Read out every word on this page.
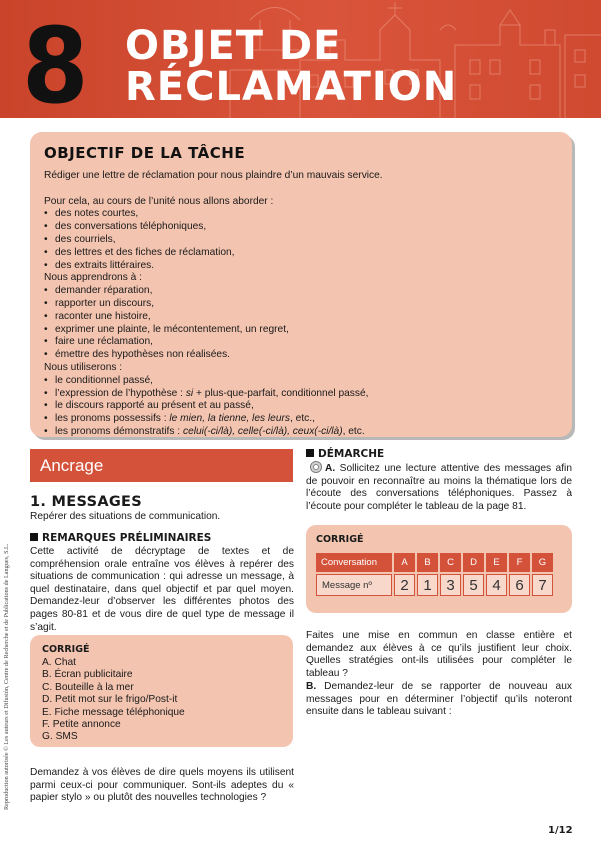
8 OBJET DE
RÉCLAMATION
OBJECTIF DE LA TÂCHE

Rédiger une lettre de réclamation pour nous plaindre d’un mauvais service.

Pour cela, au cours de l’unité nous allons aborder :

• des notes courtes,
• des conversations téléphoniques,
• des courriels,
• des lettres et des fiches de réclamation,
• des extraits littéraires.

Nous apprendrons à :

• demander réparation,
• rapporter un discours,
• raconter une histoire,
• exprimer une plainte, le mécontentement, un regret,
• faire une réclamation,
• émettre des hypothèses non réalisées.

Nous utiliserons :

• le conditionnel passé,
• l’expression de l’hypothèse : si + plus-que-parfait, conditionnel passé,
• le discours rapporté au présent et au passé,
• les pronoms possessifs : le mien, la tienne, les leurs, etc.,
• les pronoms démonstratifs : celui(-ci/là), celle(-ci/là), ceux(-ci/là), etc.
Ancrage
1. MESSAGES
Repérer des situations de communication.
REMARQUES PRÉLIMINAIRES

Cette activité de décryptage de textes et de compréhension orale entraîne vos élèves à repérer des situations de communication : qui adresse un message, à quel destinataire, dans quel objectif et par quel moyen. Demandez-leur d’observer les différentes photos des pages 80-81 et de vous dire de quel type de message il s’agit.

CORRIGÉ
A. Chat
B. Écran publicitaire
C. Bouteille à la mer
D. Petit mot sur le frigo/Post-it
E. Fiche message téléphonique
F. Petite annonce
G. SMS

Demandez à vos élèves de dire quels moyens ils utilisent parmi ceux-ci pour communiquer. Sont-ils adeptes du « papier stylo » ou plutôt des nouvelles technologies ?

DÉMARCHE

A. Sollicitez une lecture attentive des messages afin de pouvoir en reconnaître au moins la thématique lors de l’écoute des conversations téléphoniques. Passez à l’écoute pour compléter le tableau de la page 81.

CORRIGÉ
Conversation	A	B	C	D	E	F	G
Message nº	2	1	3	5	4	6	7

Faites une mise en commun en classe entière et demandez aux élèves à ce qu’ils justifient leur choix. Quelles stratégies ont-ils utilisées pour compléter le tableau ?

B. Demandez-leur de se rapporter de nouveau aux messages pour en déterminer l’objectif qu’ils noteront ensuite dans le tableau suivant :

Reproduction autorisée © Les auteurs et Difusión, Centre de Recherche et de Publications de Langues, S.L.
1/12
